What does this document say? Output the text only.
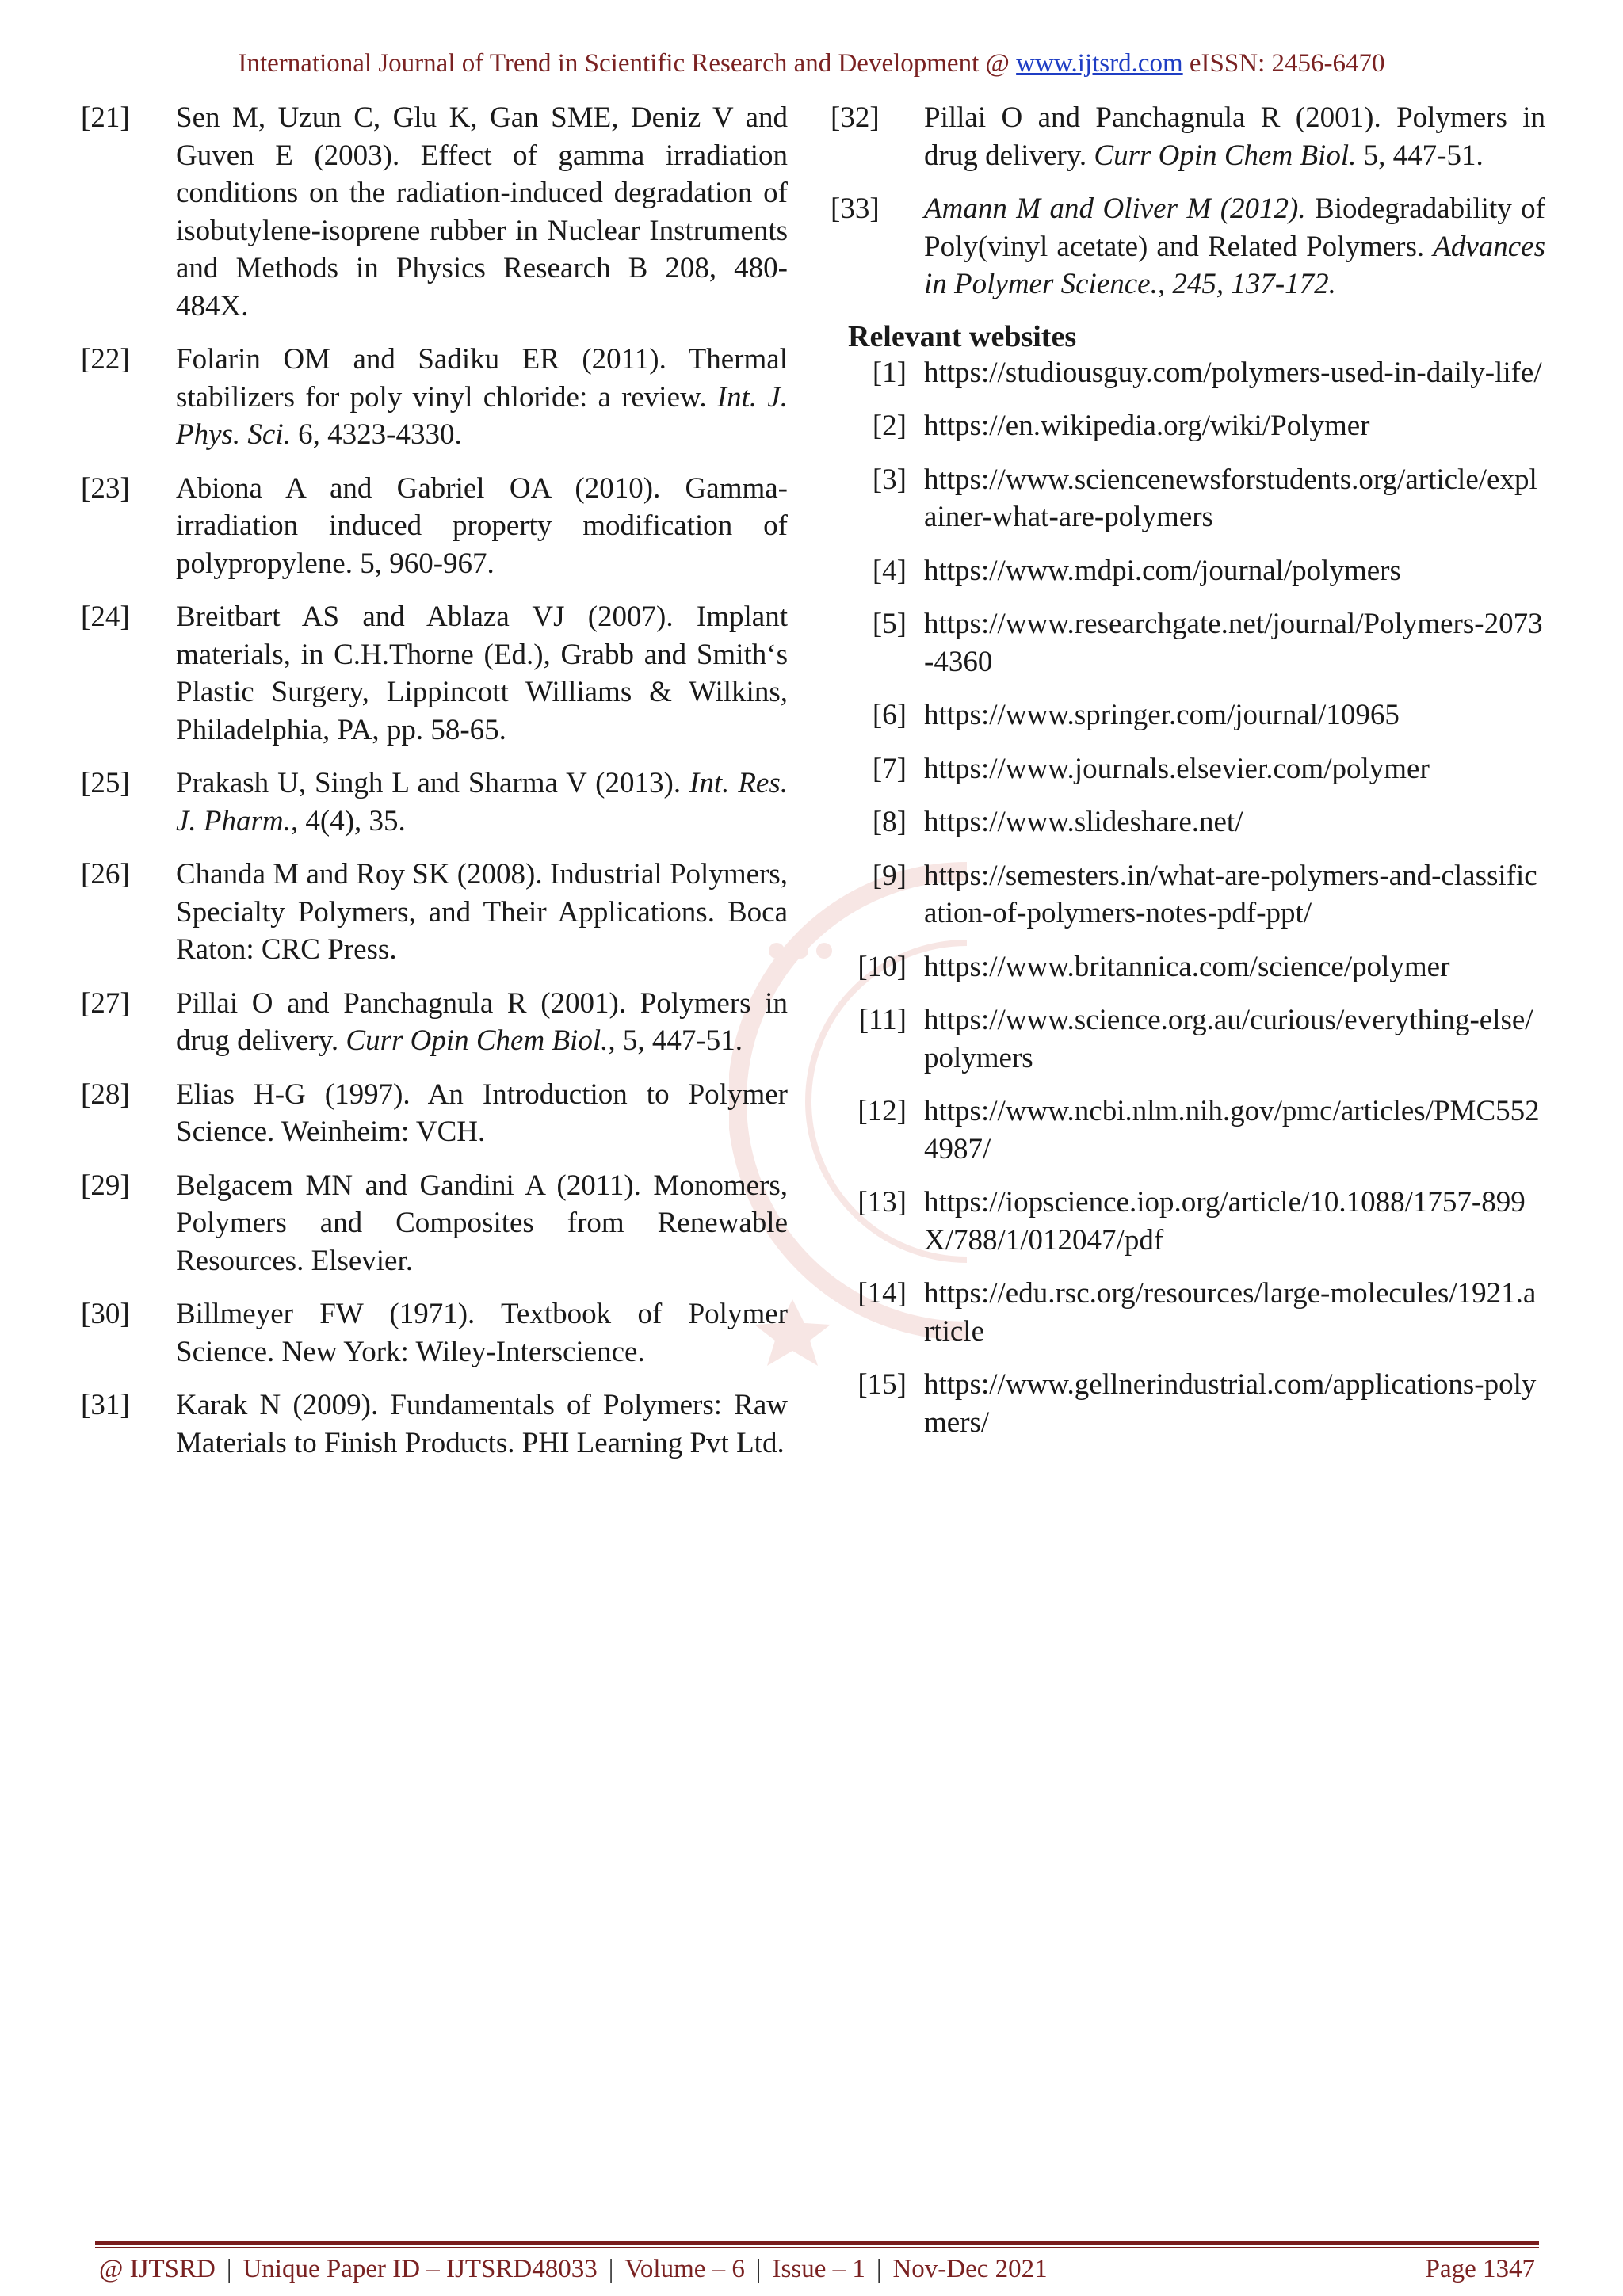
International Journal of Trend in Scientific Research and Development @ www.ijtsrd.com eISSN: 2456-6470
[21]	Sen M, Uzun C, Glu K, Gan SME, Deniz V and Guven E (2003). Effect of gamma irradiation conditions on the radiation-induced degradation of isobutylene-isoprene rubber in Nuclear Instruments and Methods in Physics Research B 208, 480-484X.
[22]	Folarin OM and Sadiku ER (2011). Thermal stabilizers for poly vinyl chloride: a review. Int. J. Phys. Sci. 6, 4323-4330.
[23]	Abiona A and Gabriel OA (2010). Gamma-irradiation induced property modification of polypropylene. 5, 960-967.
[24]	Breitbart AS and Ablaza VJ (2007). Implant materials, in C.H.Thorne (Ed.), Grabb and Smith‘s Plastic Surgery, Lippincott Williams & Wilkins, Philadelphia, PA, pp. 58-65.
[25]	Prakash U, Singh L and Sharma V (2013). Int. Res. J. Pharm., 4(4), 35.
[26]	Chanda M and Roy SK (2008). Industrial Polymers, Specialty Polymers, and Their Applications. Boca Raton: CRC Press.
[27]	Pillai O and Panchagnula R (2001). Polymers in drug delivery. Curr Opin Chem Biol., 5, 447-51.
[28]	Elias H-G (1997). An Introduction to Polymer Science. Weinheim: VCH.
[29]	Belgacem MN and Gandini A (2011). Monomers, Polymers and Composites from Renewable Resources. Elsevier.
[30]	Billmeyer FW (1971). Textbook of Polymer Science. New York: Wiley-Interscience.
[31]	Karak N (2009). Fundamentals of Polymers: Raw Materials to Finish Products. PHI Learning Pvt Ltd.
[32]	Pillai O and Panchagnula R (2001). Polymers in drug delivery. Curr Opin Chem Biol. 5, 447-51.
[33]	Amann M and Oliver M (2012). Biodegradability of Poly(vinyl acetate) and Related Polymers. Advances in Polymer Science., 245, 137-172.
Relevant websites
[1] https://studiousguy.com/polymers-used-in-daily-life/
[2] https://en.wikipedia.org/wiki/Polymer
[3] https://www.sciencenewsforstudents.org/article/explainer-what-are-polymers
[4] https://www.mdpi.com/journal/polymers
[5] https://www.researchgate.net/journal/Polymers-2073-4360
[6] https://www.springer.com/journal/10965
[7] https://www.journals.elsevier.com/polymer
[8] https://www.slideshare.net/
[9] https://semesters.in/what-are-polymers-and-classification-of-polymers-notes-pdf-ppt/
[10] https://www.britannica.com/science/polymer
[11] https://www.science.org.au/curious/everything-else/polymers
[12] https://www.ncbi.nlm.nih.gov/pmc/articles/PMC5524987/
[13] https://iopscience.iop.org/article/10.1088/1757-899X/788/1/012047/pdf
[14] https://edu.rsc.org/resources/large-molecules/1921.article
[15] https://www.gellnerindustrial.com/applications-polymers/
@ IJTSRD | Unique Paper ID – IJTSRD48033 | Volume – 6 | Issue – 1 | Nov-Dec 2021	Page 1347
